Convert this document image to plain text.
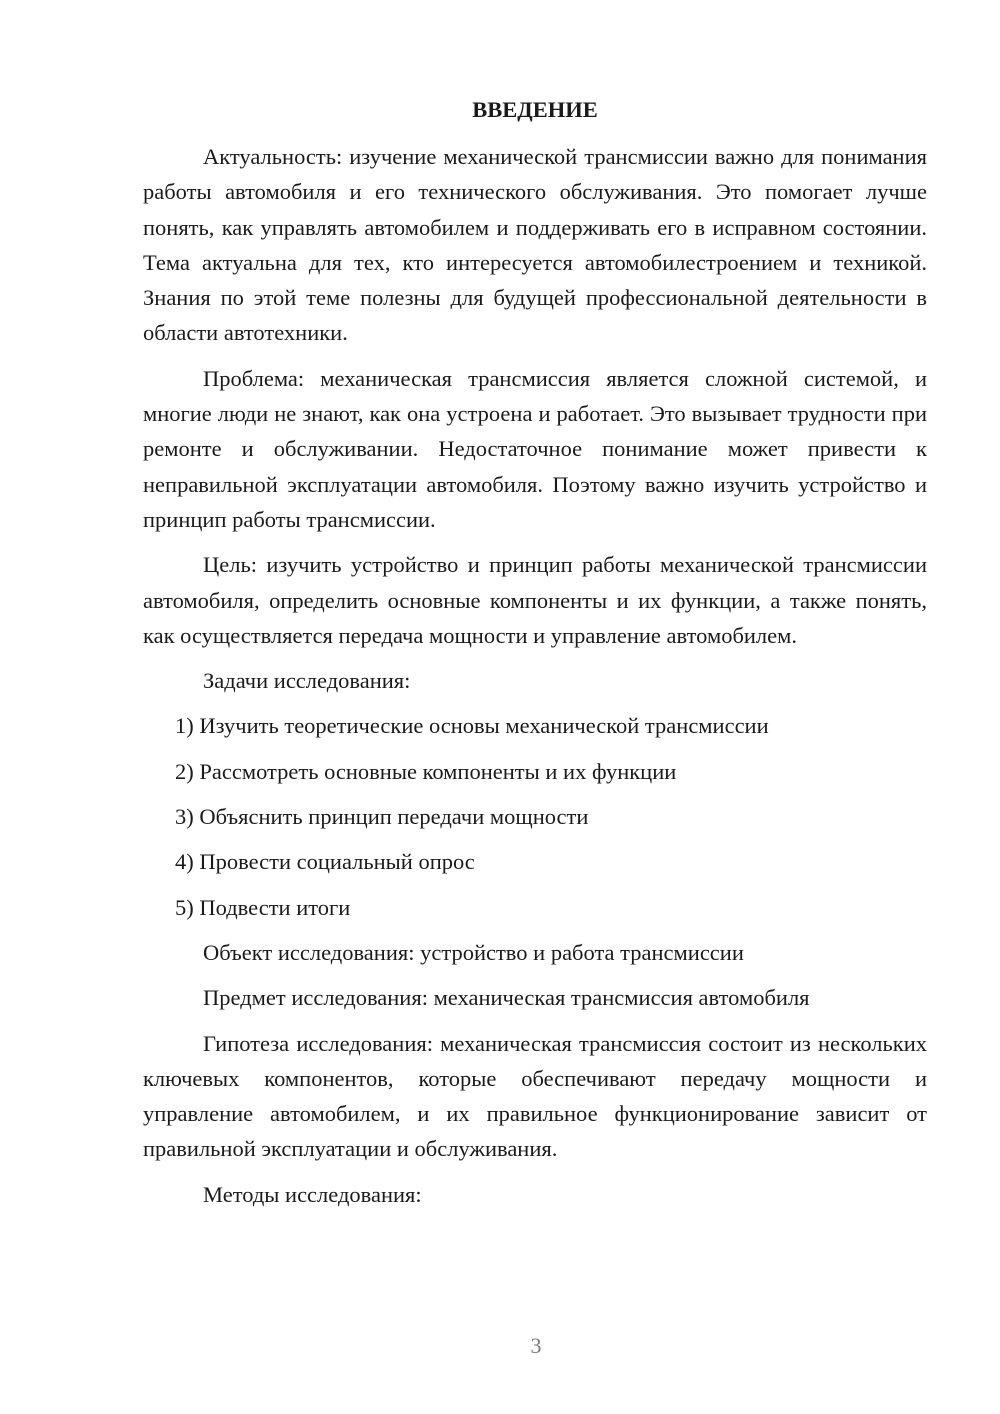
ВВЕДЕНИЕ

Актуальность: изучение механической трансмиссии важно для понимания работы автомобиля и его технического обслуживания. Это помогает лучше понять, как управлять автомобилем и поддерживать его в исправном состоянии. Тема актуальна для тех, кто интересуется автомобилестроением и техникой. Знания по этой теме полезны для будущей профессиональной деятельности в области автотехники.

Проблема: механическая трансмиссия является сложной системой, и многие люди не знают, как она устроена и работает. Это вызывает трудности при ремонте и обслуживании. Недостаточное понимание может привести к неправильной эксплуатации автомобиля. Поэтому важно изучить устройство и принцип работы трансмиссии.

Цель: изучить устройство и принцип работы механической трансмиссии автомобиля, определить основные компоненты и их функции, а также понять, как осуществляется передача мощности и управление автомобилем.

Задачи исследования:

1) Изучить теоретические основы механической трансмиссии
2) Рассмотреть основные компоненты и их функции
3) Объяснить принцип передачи мощности
4) Провести социальный опрос
5) Подвести итоги

Объект исследования: устройство и работа трансмиссии

Предмет исследования: механическая трансмиссия автомобиля

Гипотеза исследования: механическая трансмиссия состоит из нескольких ключевых компонентов, которые обеспечивают передачу мощности и управление автомобилем, и их правильное функционирование зависит от правильной эксплуатации и обслуживания.

Методы исследования:

3
